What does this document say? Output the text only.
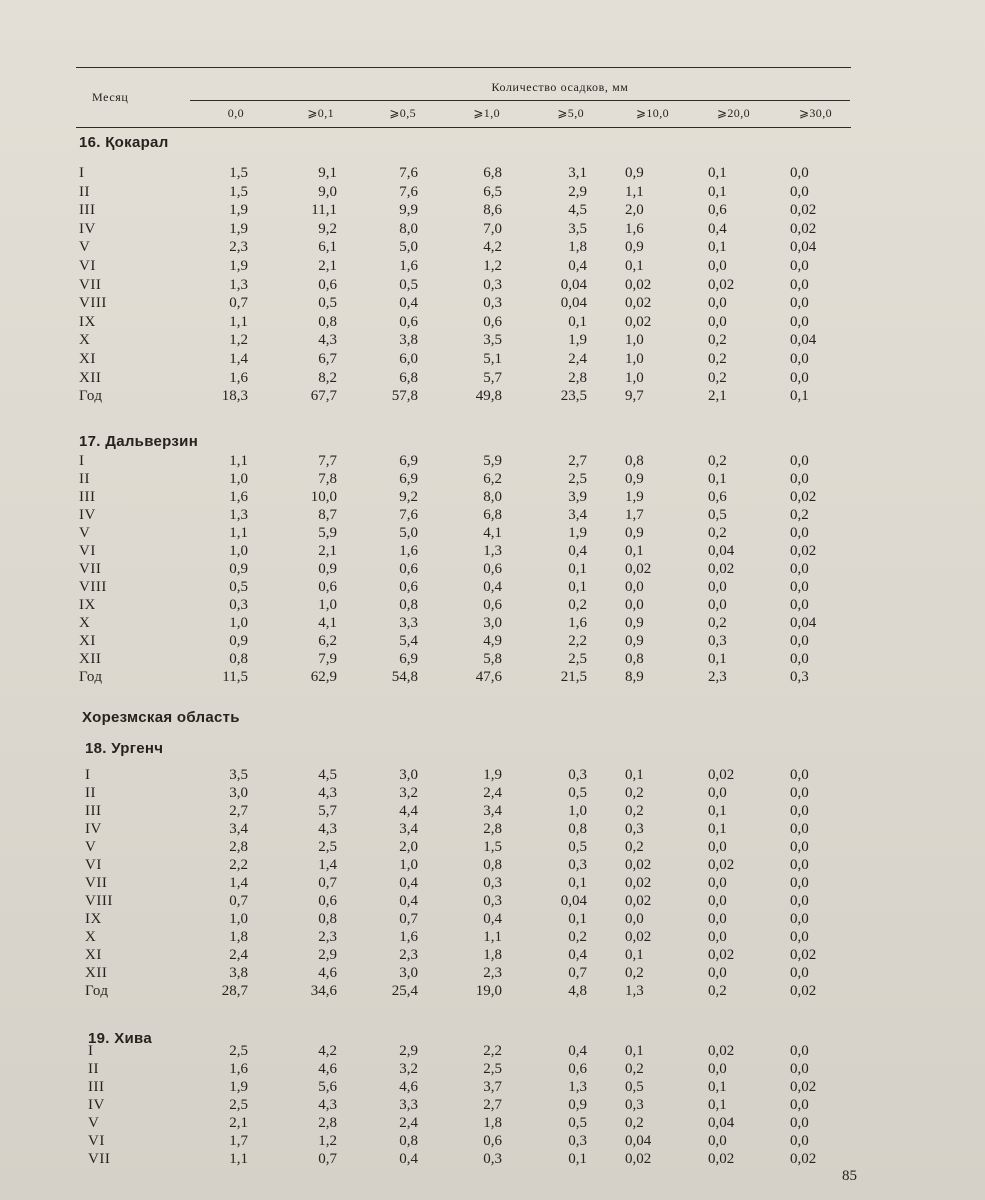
Месяц
Количество осадков, мм
0,0	⩾0,1	⩾0,5	⩾1,0	⩾5,0	⩾10,0	⩾20,0	⩾30,0
16. Қокарал
17. Дальверзин
Хорезмская область
18. Ургенч
19. Хива
I	1,5	9,1	7,6	6,8	3,1	0,9	0,1	0,0
II	1,5	9,0	7,6	6,5	2,9	1,1	0,1	0,0
III	1,9	11,1	9,9	8,6	4,5	2,0	0,6	0,02
IV	1,9	9,2	8,0	7,0	3,5	1,6	0,4	0,02
V	2,3	6,1	5,0	4,2	1,8	0,9	0,1	0,04
VI	1,9	2,1	1,6	1,2	0,4	0,1	0,0	0,0
VII	1,3	0,6	0,5	0,3	0,04	0,02	0,02	0,0
VIII	0,7	0,5	0,4	0,3	0,04	0,02	0,0	0,0
IX	1,1	0,8	0,6	0,6	0,1	0,02	0,0	0,0
X	1,2	4,3	3,8	3,5	1,9	1,0	0,2	0,04
XI	1,4	6,7	6,0	5,1	2,4	1,0	0,2	0,0
XII	1,6	8,2	6,8	5,7	2,8	1,0	0,2	0,0
Год	18,3	67,7	57,8	49,8	23,5	9,7	2,1	0,1
I	1,1	7,7	6,9	5,9	2,7	0,8	0,2	0,0
II	1,0	7,8	6,9	6,2	2,5	0,9	0,1	0,0
III	1,6	10,0	9,2	8,0	3,9	1,9	0,6	0,02
IV	1,3	8,7	7,6	6,8	3,4	1,7	0,5	0,2
V	1,1	5,9	5,0	4,1	1,9	0,9	0,2	0,0
VI	1,0	2,1	1,6	1,3	0,4	0,1	0,04	0,02
VII	0,9	0,9	0,6	0,6	0,1	0,02	0,02	0,0
VIII	0,5	0,6	0,6	0,4	0,1	0,0	0,0	0,0
IX	0,3	1,0	0,8	0,6	0,2	0,0	0,0	0,0
X	1,0	4,1	3,3	3,0	1,6	0,9	0,2	0,04
XI	0,9	6,2	5,4	4,9	2,2	0,9	0,3	0,0
XII	0,8	7,9	6,9	5,8	2,5	0,8	0,1	0,0
Год	11,5	62,9	54,8	47,6	21,5	8,9	2,3	0,3
I	3,5	4,5	3,0	1,9	0,3	0,1	0,02	0,0
II	3,0	4,3	3,2	2,4	0,5	0,2	0,0	0,0
III	2,7	5,7	4,4	3,4	1,0	0,2	0,1	0,0
IV	3,4	4,3	3,4	2,8	0,8	0,3	0,1	0,0
V	2,8	2,5	2,0	1,5	0,5	0,2	0,0	0,0
VI	2,2	1,4	1,0	0,8	0,3	0,02	0,02	0,0
VII	1,4	0,7	0,4	0,3	0,1	0,02	0,0	0,0
VIII	0,7	0,6	0,4	0,3	0,04	0,02	0,0	0,0
IX	1,0	0,8	0,7	0,4	0,1	0,0	0,0	0,0
X	1,8	2,3	1,6	1,1	0,2	0,02	0,0	0,0
XI	2,4	2,9	2,3	1,8	0,4	0,1	0,02	0,02
XII	3,8	4,6	3,0	2,3	0,7	0,2	0,0	0,0
Год	28,7	34,6	25,4	19,0	4,8	1,3	0,2	0,02
I	2,5	4,2	2,9	2,2	0,4	0,1	0,02	0,0
II	1,6	4,6	3,2	2,5	0,6	0,2	0,0	0,0
III	1,9	5,6	4,6	3,7	1,3	0,5	0,1	0,02
IV	2,5	4,3	3,3	2,7	0,9	0,3	0,1	0,0
V	2,1	2,8	2,4	1,8	0,5	0,2	0,04	0,0
VI	1,7	1,2	0,8	0,6	0,3	0,04	0,0	0,0
VII	1,1	0,7	0,4	0,3	0,1	0,02	0,02	0,02
85
